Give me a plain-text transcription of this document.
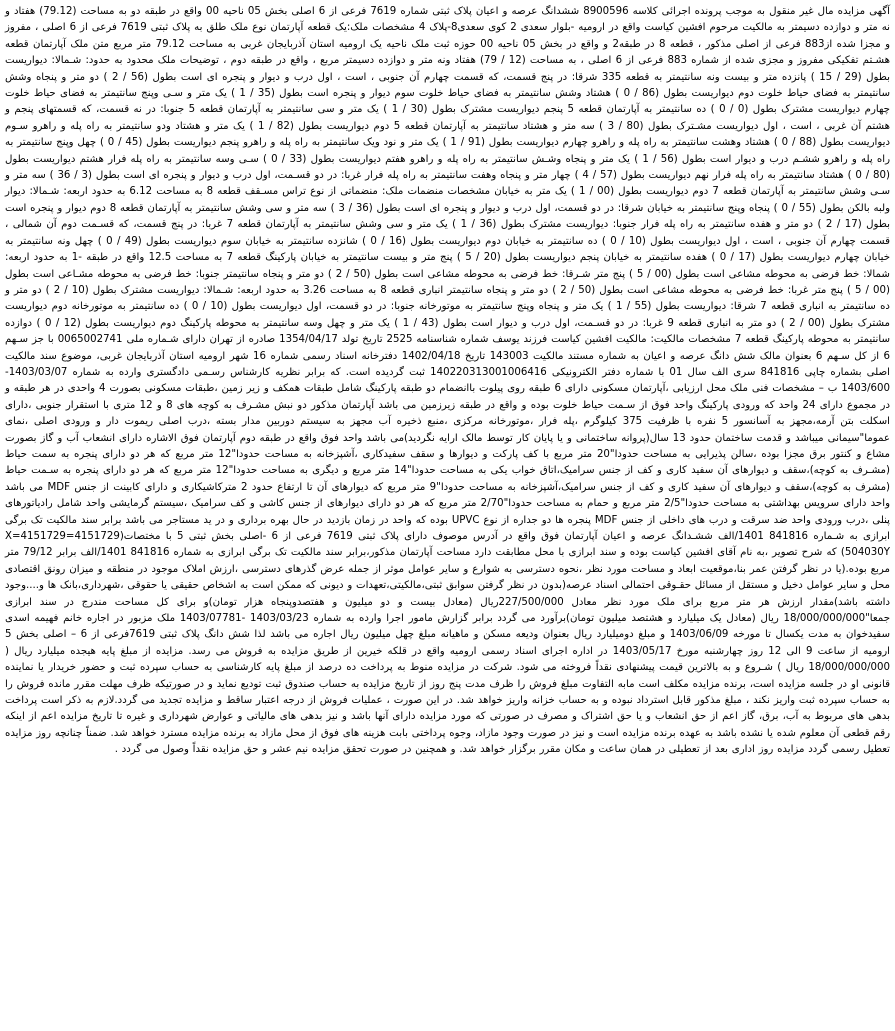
آگهی مزایده مال غیر منقول به موجب پرونده اجرائی کلاسه 8900596 ششدانگ عرصه و اعیان پلاک ثبتی شماره 7619 فرعی از 6 اصلی بخش 05 ناحیه 00 واقع در طبقه دو به مساحت (79.12) هفتاد و نه متر و دوازده دسیمتر به مالکیت مرحوم افشین کیاست واقع در ارومیه -بلوار سعدی 2 کوی سعدی8-پلاک 4 مشخصات ملک:یک قطعه آپارتمان نوع ملک طلق به پلاک ثبتی 7619 فرعی از 6 اصلی ، مفروز و مجزا شده از883 فرعی از اصلی مذکور ، قطعه 8 در طبقه2 و واقع در بخش 05 ناحیه 00 حوزه ثبت ملک ناحیه یک ارومیه استان آذربایجان غربی به مساحت 79.12 متر مربع متن ملک آپارتمان قطعه هشـتم تفکیکی مفروز و مجزی شده از شماره 883 فرعی از 6 اصلی ، به مساحت (12 / 79) هفتاد ونه متر و دوازده دسیمتر مربع ، واقع در طبقه دوم ، توضیحات ملک محدود به حدود: شـمالا: دیواریست بطول (29 / 15 ) پانزده متر و بیست ونه سانتیمتر به قطعه 335 شرقا: در پنج قسمت، که قسمت چهارم آن جنوبی ، است ، اول درب و دیوار و پنجره ای است بطول (56 / 2 ) دو متر و پنجاه وشش سانتیمتر به فضای حیاط خلوت دوم دیواریست بطول (86 / 0 ) هشتاد وشش سانتیمتر به فضای حیاط خلوت سوم دیوار و پنجره است بطول (35 / 1 ) یک متر و سـی وپنج سانتیمتر به فضای حیاط خلوت چهارم دیواریست مشترک بطول (0 / 0 ) ده سانتیمتر به آپارتمان قطعه 5 پنجم دیواریست مشترک بطول (30 / 1 ) یک متر و سی سانتیمتر به آپارتمان قطعه 5 جنوبا: در نه قسمت، که قسمتهای پنجم و هشتم آن غربی ، است ، اول دیواریست مشـترک بطول (80 / 3 ) سه متر و هشتاد سانتیمتر به آپارتمان قطعه 5 دوم دیواریست بطول (82 / 1 ) یک متر و هشتاد ودو سانتیمتر به راه پله و راهرو سـوم دیواریست بطول (88 / 0 ) هشتاد وهشت سانتیمتر به راه پله و راهرو چهارم دیواریست بطول (91 / 1 ) یک متر و نود ویک سانتیمتر به راه پله و راهرو پنجم دیواریست بطول (45 / 0 ) چهل وپنج سانتیمتر به راه پله و راهرو ششـم درب و دیوار است بطول (56 / 1 ) یک متر و پنجاه وشـش سانتیمتر به راه پله و راهرو هفتم دیواریست بطول (33 / 0 ) سـی وسه سانتیمتر به راه پله فرار هشتم دیواریست بطول (80 / 0 ) هشتاد سانتیمتر به راه پله فرار نهم دیواریست بطول (57 / 4 ) چهار متر و پنجاه وهفت سانتیمتر به راه پله فرار غربا: در دو قسـمت، اول درب و دیوار و پنجره ای است بطول (3 / 36 ) سه متر و سـی وشش سانتیمتر به آپارتمان قطعه 7 دوم دیواریست بطول (00 / 1 ) یک متر به خیابان مشخصات منضمات ملک: منضماتی از نوع تراس مسـقف قطعه 8 به مساحت 6.12 به حدود اربعه: شـمالا: دیوار ولبه بالکن بطول (55 / 0 ) پنجاه وپنج سانتیمتر به خیابان شرقا: در دو قسمت، اول درب و دیوار و پنجره ای است بطول (36 / 3 ) سه متر و سی وشش سانتیمتر به آپارتمان قطعه 8 دوم دیوار و پنجره است بطول (17 / 2 ) دو متر و هفده سانتیمتر به راه پله فرار جنوبا: دیواریست مشترک بطول (36 / 1 ) یک متر و سی وشش سانتیمتر به آپارتمان قطعه 7 غربا: در پنج قسمت، که قسـمت دوم آن شمالی ، قسمت چهارم آن جنوبی ، است ، اول دیواریست بطول (10 / 0 ) ده سانتیمتر به خیابان دوم دیواریست بطول (16 / 0 ) شانزده سانتیمتر به خیابان سوم دیواریست بطول (49 / 0 ) چهل ونه سانتیمتر به خیابان چهارم دیواریست بطول (17 / 0 ) هفده سانتیمتر به خیابان پنجم دیواریست بطول (20 / 5 ) پنج متر و بیست سانتیمتر به خیابان پارکینگ قطعه 7 به مساحت 12.5 واقع در طبقه -1 به حدود اربعه: شمالا: خط فرضی به محوطه مشاعی است بطول (00 / 5 ) پنج متر شـرقا: خط فرضی به محوطه مشاعی است بطول (50 / 2 ) دو متر و پنجاه سانتیمتر جنوبا: خط فرضی به محوطه مشـاعی است بطول (00 / 5 ) پنج متر غربا: خط فرضی به محوطه مشاعی است بطول (50 / 2 ) دو متر و پنجاه سانتیمتر انباری قطعه 8 به مساحت 3.26 به حدود اربعه: شـمالا: دیواریست مشترک بطول (10 / 2 ) دو متر و ده سانتیمتر به انباری قطعه 7 شرقا: دیواریست بطول (55 / 1 ) یک متر و پنجاه وپنج سانتیمتر به موتورخانه جنوبا: در دو قسمت، اول دیواریست بطول (10 / 0 ) ده سانتیمتر به موتورخانه دوم دیواریست مشترک بطول (00 / 2 ) دو متر به انباری قطعه 9 غربا: در دو قسـمت، اول درب و دیوار است بطول (43 / 1 ) یک متر و چهل وسه سانتیمتر به محوطه پارکینگ دوم دیواریست بطول (12 / 0 ) دوازده سانتیمتر به محوطه پارکینگ قطعه 7 مشخصات مالکیت: مالکیت افشین کیاست فرزند یوسف شماره شناسنامه 2525 تاریخ تولد 1354/04/17 صادره از تهران دارای شـماره ملی 0065002741 با جز سـهم 6 از کل سـهم 6 بعنوان مالک شش دانگ عرصه و اعیان به شماره مستند مالکیت 143003 تاریخ 1402/04/18 دفترخانه اسناد رسمی شماره 16 شهر ارومیه استان آذربایجان غربی، موضوع سند مالکیت اصلی بشماره چاپی 841816 سری الف سال 01 با شماره دفتر الکترونیکی 140220313001006416 ثبت گردیده است. که برابر نظریه کارشناس رسـمی دادگستری وارده به شماره 1403/03/07-1403/600 ب – مشخصات فنی ملک محل ارزیابی ،آپارتمان مسکونی دارای 6 طبقه روی پیلوت باانضمام دو طبقه پارکینگ شامل طبقات همکف و زیر زمین ،طبقات مسکونی بصورت 4 واحدی در هر طبقه و در مجموع دارای 24 واحد که ورودی پارکینگ واحد فوق از سـمت حیاط خلوت بوده و واقع در طبقه زیرزمین می باشد آپارتمان مذکور دو نبش مشـرف به کوچه های 8 و 12 متری با استقرار جنوبی ،دارای اسکلت بتن آرمه،مجهز به آسانسور 5 نفره با ظرفیت 375 کیلوگرم ،پله فرار ،موتورخانه مرکزی ،منبع ذخیره آب مجهز به سیستم دوربین مدار بسته ،درب اصلی ریموت دار و ورودی اصلی ،نمای عموما"سیمانی میباشد و قدمت ساختمان حدود 13 سال(پروانه ساختمانی و یا پایان کار توسط مالک ارایه نگردید)می باشد واحد فوق واقع در طبقه دوم آپارتمان فوق الاشاره دارای انشعاب آب و گاز بصورت مشاع و کنتور برق مجزا بوده ،سالن پذیرایی به مساحت حدودا"20 متر مربع با کف پارکت و دیوارها و سقف سفیدکاری ،آشپزخانه به مساحت حدودا"12 متر مربع که هر دو دارای پنجره به سمت حیاط (مشـرف به کوچه)،سقف و دیوارهای آن سفید کاری و کف از جنس سرامیک،اتاق خواب یکی به مساحت حدودا"14 متر مربع و دیگری به مساحت حدودا"12 متر مربع که هر دو دارای پنجره به سـمت حیاط (مشرف به کوچه)،سقف و دیوارهای آن سفید کاری و کف از جنس سرامیک،آشپزخانه به مساحت حدودا"9 متر مربع که دیوارهای آن تا ارتفاع حدود 2 مترکاشیکاری و دارای کابینت از جنس MDF می باشد واحد دارای سرویس بهداشتی به مساحت حدودا"2/5 متر مربع و حمام به مساحت حدودا"2/70 متر مربع که هر دو دارای دیوارهای از جنس کاشی و کف سرامیک ،سیستم گرمایشی واحد شامل رادیاتورهای پنلی ،درب ورودی واحد ضد سرقت و درب های داخلی از جنس MDF پنجره ها دو جداره از نوع UPVC بوده که واحد در زمان بازدید در حال بهره برداری و در ید مستاجر می باشد برابر سند مالکیت تک برگی ابرازی به شـماره 841816 1401/الف ششـدانگ عرصه و اعیان آپارتمان فوق واقع در آدرس موصوف دارای پلاک ثبتی 7619 فرعی از 6 -اصلی بخش ثبتی 5 با مختصات(4151729=X=4151729 504030Y) که شرح تصویر ،به نام آقای افشین کیاست بوده و سند ابرازی با محل مطابقت دارد مساحت آپارتمان مذکور،برابر سند مالکیت تک برگی ابرازی به شماره 841816 1401/الف برابر 79/12 متر مربع بوده.(یا در نظر گرفتن عمر بنا،موقعیت ابعاد و مساحت مورد نظر ،نحوه دسترسی به شوارع و سایر عوامل موثر از جمله عرض گذرهای دسترسی ،ارزش املاک موجود در منطقه و میزان رونق اقتصادی محل و سایر عوامل دخیل و مستقل از مسائل حقـوقی احتمالی اسناد عرصه(بدون در نظر گرفتن سوابق ثبتی،مالکیتی،تعهدات و دیونی که ممکن است به اشخاص حقیقی یا حقوقی ،شهرداری،بانک ها و....وجود داشته باشد)مقدار ارزش هر متر مربع برای ملک مورد نظر معادل 227/500/000ریال (معادل بیست و دو میلیون و هفتصدوپنجاه هزار تومان)و برای کل مساحت مندرج در سند ابرازی جمعا"18/000/000/000 ریال (معادل یک میلیارد و هشتصد میلیون تومان)برآورد می گردد برابر گزارش مامور اجرا وارده به شماره 1403/03/23 -1403/07781 ملک مزبور در اجاره خانم فهیمه اسدی سفیدخوان به مدت یکسال تا مورخه 1403/06/09 و مبلغ دومیلیارد ریال بعنوان ودیعه مسکن و ماهیانه مبلغ چهل میلیون ریال اجاره می باشد لذا شش دانگ پلاک ثبتی 7619فرعی از 6 – اصلی بخش 5 ارومیه از ساعت 9 الی 12 روز چهارشنبه مورخ 1403/05/17 در اداره اجرای اسناد رسمی ارومیه واقع در قلکه خیرین از طریق مزایده به فروش می رسد. مزایده از مبلغ پایه هیجده میلیارد ریال ( 18/000/000/000 ریال ) شـروع و به بالاترین قیمت پیشنهادی نقداً فروخته می شود. شرکت در مزایده منوط به پرداخت ده درصد از مبلغ پایه کارشناسی به حساب سپرده ثبت و حضور خریدار یا نماینده قانونی او در جلسه مزایده است، برنده مزایده مکلف است مابه التفاوت مبلغ فروش را ظرف مدت پنج روز از تاریخ مزایده به حساب صندوق ثبت تودیع نماید و در صورتیکه ظرف مهلت مقرر مانده فروش را به حساب سپرده ثبت واریز نکند ، مبلغ مذکور قابل استرداد نبوده و به حساب خزانه واریز خواهد شد. در این صورت ، عملیات فروش از درجه اعتبار ساقط و مزایده تجدید می گردد.لازم به ذکر است پرداخت بدهی های مربوط به آب، برق، گاز اعم از حق انشعاب و یا حق اشتراک و مصرف در صورتی که مورد مزایده دارای آنها باشد و نیز بدهی های مالیاتی و عوارض شهرداری و غیره تا تاریخ مزایده اعم از اینکه رقم قطعی آن معلوم شده یا نشده باشد به عهده برنده مزایده است و نیز در صورت وجود مازاد، وجوه پرداختی بابت هزینه های فوق از محل مازاد به برنده مزایده مسترد خواهد شد. ضمناً چنانچه روز مزایده تعطیل رسمی گردد مزایده روز اداری بعد از تعطیلی در همان ساعت و مکان مقرر برگزار خواهد شد. و همچنین در صورت تحقق مزایده نیم عشر و حق مزایده نقداً وصول می گردد .
